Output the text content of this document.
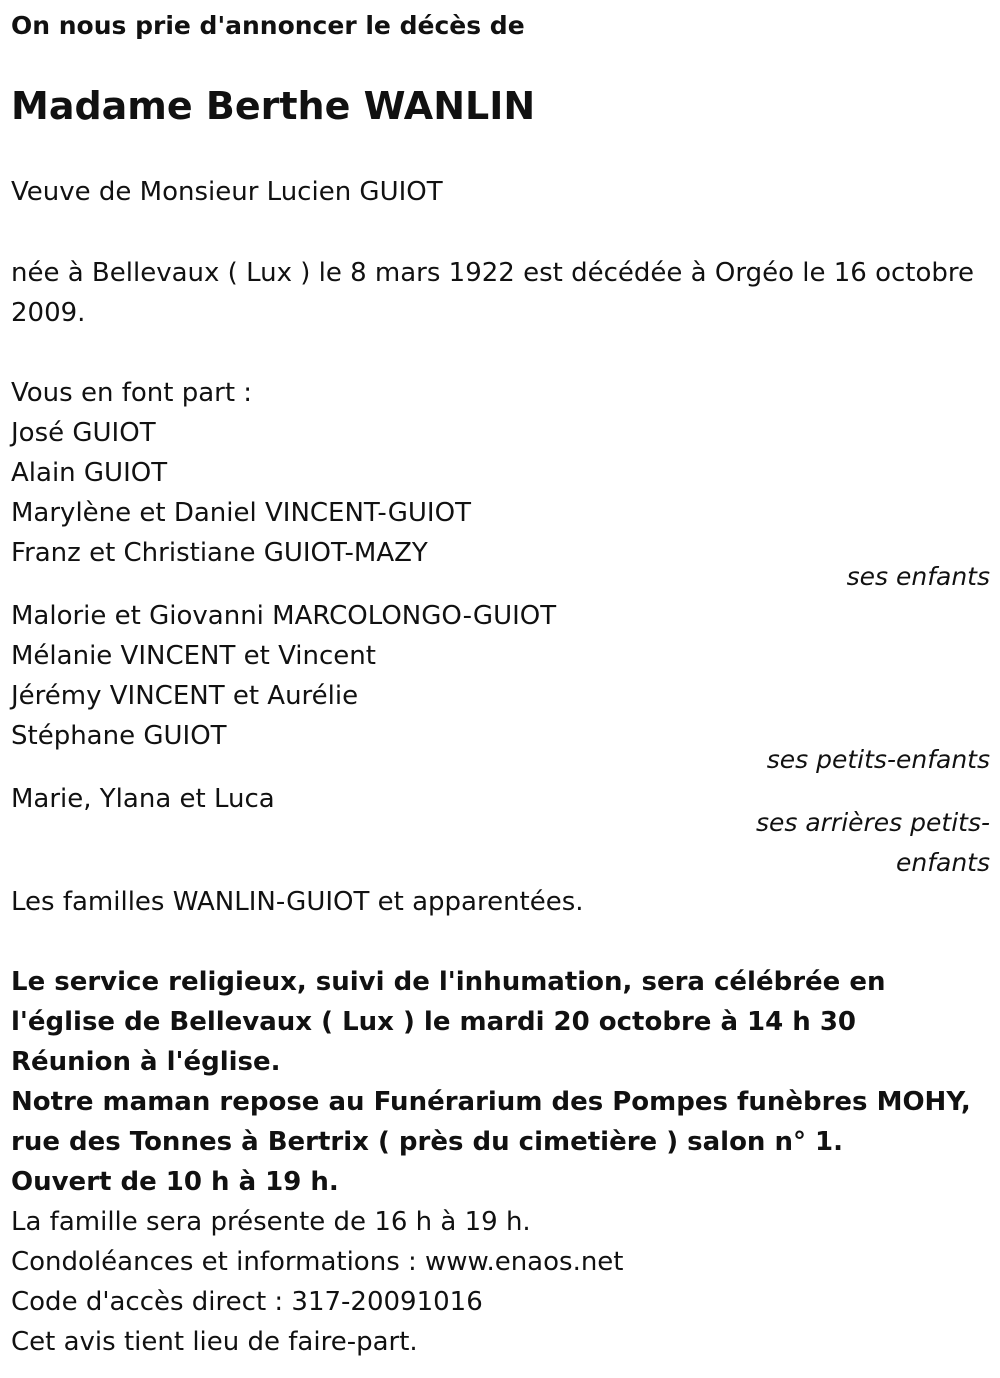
On nous prie d'annoncer le décès de
Madame Berthe WANLIN
Veuve de Monsieur Lucien GUIOT
née à Bellevaux ( Lux ) le 8 mars 1922 est décédée à Orgéo le 16 octobre 2009.
Vous en font part :
José GUIOT
Alain GUIOT
Marylène et Daniel VINCENT-GUIOT
Franz et Christiane GUIOT-MAZY
ses enfants
Malorie et Giovanni MARCOLONGO-GUIOT
Mélanie VINCENT et Vincent
Jérémy VINCENT et Aurélie
Stéphane GUIOT
ses petits-enfants
Marie, Ylana et Luca
ses arrières petits-
enfants
Les familles WANLIN-GUIOT et apparentées.
Le service religieux, suivi de l'inhumation, sera célébrée en l'église de Bellevaux ( Lux ) le mardi 20 octobre à 14 h 30
Réunion à l'église.
Notre maman repose au Funérarium des Pompes funèbres MOHY, rue des Tonnes à Bertrix ( près du cimetière ) salon n° 1.
Ouvert de 10 h à 19 h.
La famille sera présente de 16 h à 19 h.
Condoléances et informations : www.enaos.net
Code d'accès direct : 317-20091016
Cet avis tient lieu de faire-part.
